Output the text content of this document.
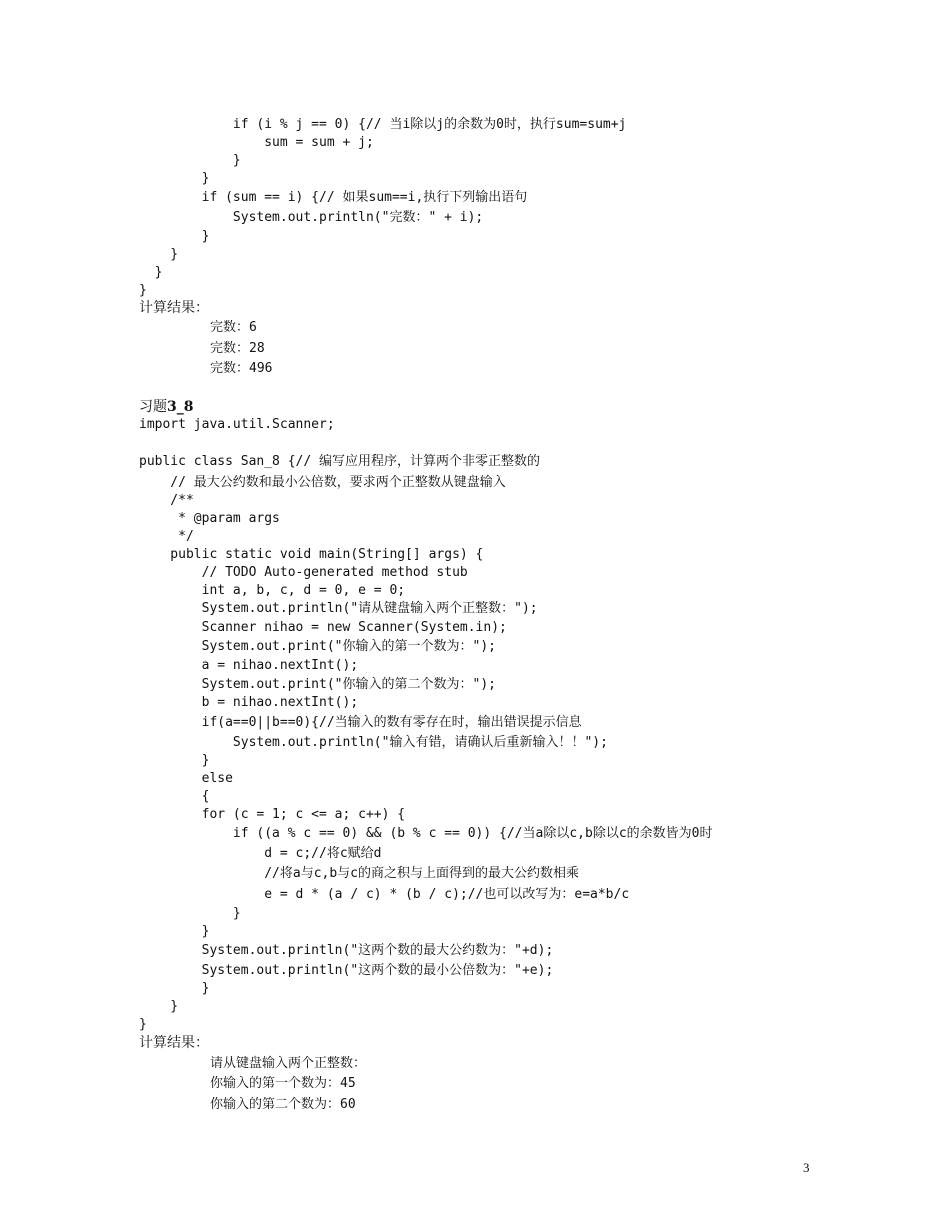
if (i % j == 0) {// 当i除以j的余数为0时，执行sum=sum+j
sum = sum + j;
}
}
if (sum == i) {// 如果sum==i,执行下列输出语句
System.out.println("完数：" + i);
}
}
}
}
计算结果：
完数：6
完数：28
完数：496
习题3_8
import java.util.Scanner;
public class San_8 {// 编写应用程序，计算两个非零正整数的
// 最大公约数和最小公倍数，要求两个正整数从键盘输入
/**
* @param args
*/
public static void main(String[] args) {
// TODO Auto-generated method stub
int a, b, c, d = 0, e = 0;
System.out.println("请从键盘输入两个正整数：");
Scanner nihao = new Scanner(System.in);
System.out.print("你输入的第一个数为：");
a = nihao.nextInt();
System.out.print("你输入的第二个数为：");
b = nihao.nextInt();
if(a==0||b==0){//当输入的数有零存在时，输出错误提示信息
System.out.println("输入有错，请确认后重新输入！！");
}
else
{
for (c = 1; c <= a; c++) {
if ((a % c == 0) && (b % c == 0)) {//当a除以c,b除以c的余数皆为0时
d = c;//将c赋给d
//将a与c,b与c的商之积与上面得到的最大公约数相乘
e = d * (a / c) * (b / c);//也可以改写为：e=a*b/c
}
}
System.out.println("这两个数的最大公约数为："+d);
System.out.println("这两个数的最小公倍数为："+e);
}
}
}
计算结果：
请从键盘输入两个正整数：
你输入的第一个数为：45
你输入的第二个数为：60
3
